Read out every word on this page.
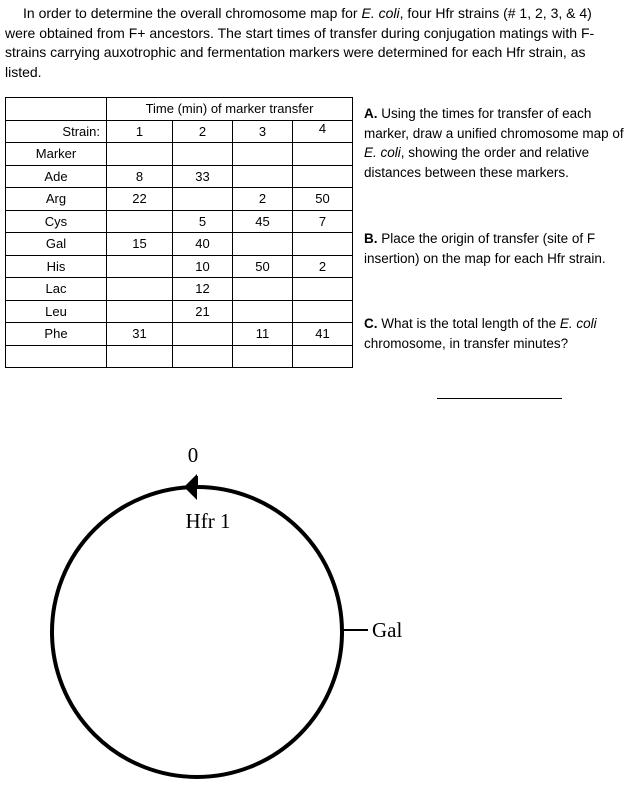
In order to determine the overall chromosome map for E. coli, four Hfr strains (# 1, 2, 3, & 4) were obtained from F+ ancestors. The start times of transfer during conjugation matings with F- strains carrying auxotrophic and fermentation markers were determined for each Hfr strain, as listed.

	Time (min) of marker transfer			
Strain:	1	2	3	4
Marker				
Ade	8	33		
Arg	22		2	50
Cys		5	45	7
Gal	15	40		
His		10	50	2
Lac		12		
Leu		21		
Phe	31		11	41

A. Using the times for transfer of each marker, draw a unified chromosome map of E. coli, showing the order and relative distances between these markers.
B. Place the origin of transfer (site of F insertion) on the map for each Hfr strain.
C. What is the total length of the E. coli chromosome, in transfer minutes?
0
Hfr 1
Gal
